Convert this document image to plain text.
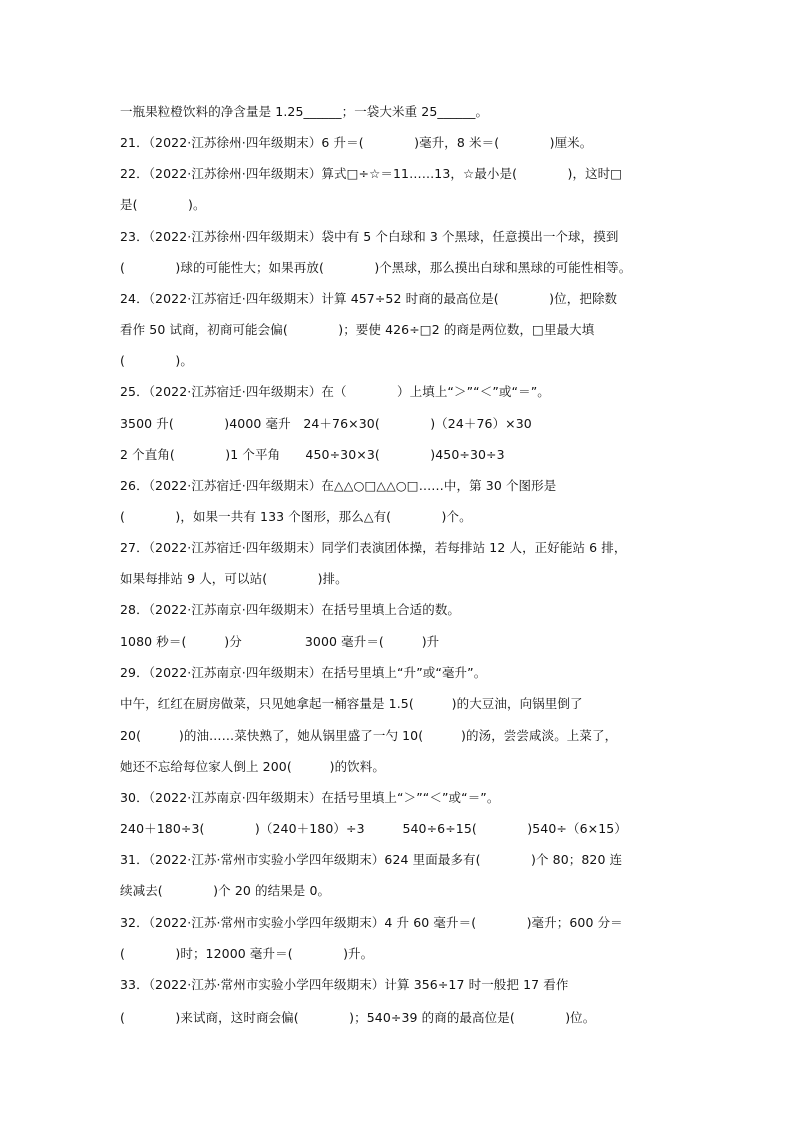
一瓶果粒橙饮料的净含量是 1.25______；一袋大米重 25______。
21．（2022·江苏徐州·四年级期末）6 升＝(　　　　)毫升，8 米＝(　　　　)厘米。
22．（2022·江苏徐州·四年级期末）算式□÷☆＝11……13，☆最小是(　　　　)，这时□
是(　　　　)。
23．（2022·江苏徐州·四年级期末）袋中有 5 个白球和 3 个黑球，任意摸出一个球，摸到
(　　　　)球的可能性大；如果再放(　　　　)个黑球，那么摸出白球和黑球的可能性相等。
24．（2022·江苏宿迁·四年级期末）计算 457÷52 时商的最高位是(　　　　)位，把除数
看作 50 试商，初商可能会偏(　　　　)；要使 426÷□2 的商是两位数，□里最大填
(　　　　)。
25．（2022·江苏宿迁·四年级期末）在（　　　　）上填上“＞”“＜”或“＝”。
3500 升(　　　　)4000 毫升　24＋76×30(　　　　)（24＋76）×30
2 个直角(　　　　)1 个平角　　450÷30×3(　　　　)450÷30÷3
26．（2022·江苏宿迁·四年级期末）在△△○□△△○□……中，第 30 个图形是
(　　　　)，如果一共有 133 个图形，那么△有(　　　　)个。
27．（2022·江苏宿迁·四年级期末）同学们表演团体操，若每排站 12 人，正好能站 6 排，
如果每排站 9 人，可以站(　　　　)排。
28．（2022·江苏南京·四年级期末）在括号里填上合适的数。
1080 秒＝(　　　)分　　　　　3000 毫升＝(　　　)升
29．（2022·江苏南京·四年级期末）在括号里填上“升”或“毫升”。
中午，红红在厨房做菜，只见她拿起一桶容量是 1.5(　　　)的大豆油，向锅里倒了
20(　　　)的油……菜快熟了，她从锅里盛了一勺 10(　　　)的汤，尝尝咸淡。上菜了，
她还不忘给每位家人倒上 200(　　　)的饮料。
30．（2022·江苏南京·四年级期末）在括号里填上“＞”“＜”或“＝”。
240＋180÷3(　　　　)（240＋180）÷3　　　540÷6÷15(　　　　)540÷（6×15）
31．（2022·江苏·常州市实验小学四年级期末）624 里面最多有(　　　　)个 80；820 连
续减去(　　　　)个 20 的结果是 0。
32．（2022·江苏·常州市实验小学四年级期末）4 升 60 毫升＝(　　　　)毫升；600 分＝
(　　　　)时；12000 毫升＝(　　　　)升。
33．（2022·江苏·常州市实验小学四年级期末）计算 356÷17 时一般把 17 看作
(　　　　)来试商，这时商会偏(　　　　)；540÷39 的商的最高位是(　　　　)位。
